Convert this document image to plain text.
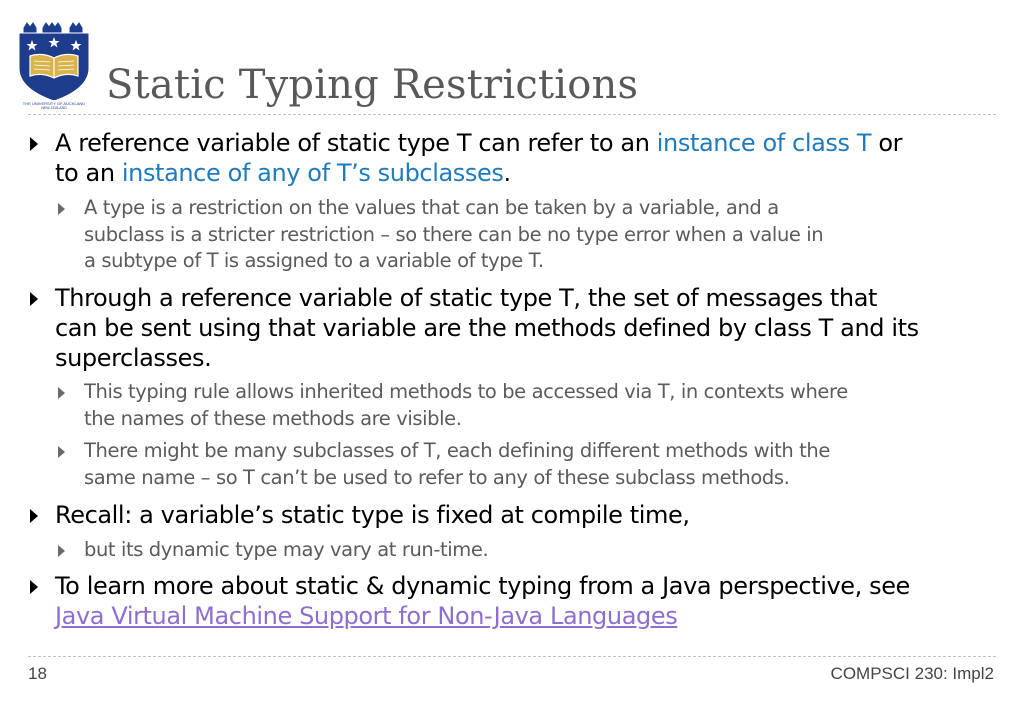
THE UNIVERSITY OF AUCKLAND
NEW ZEALAND Static Typing Restrictions
A reference variable of static type T can refer to an instance of class T or
to an instance of any of T’s subclasses.
A type is a restriction on the values that can be taken by a variable, and a
subclass is a stricter restriction – so there can be no type error when a value in
a subtype of T is assigned to a variable of type T.
Through a reference variable of static type T, the set of messages that
can be sent using that variable are the methods defined by class T and its
superclasses.
This typing rule allows inherited methods to be accessed via T, in contexts where
the names of these methods are visible.
There might be many subclasses of T, each defining different methods with the
same name – so T can’t be used to refer to any of these subclass methods.
Recall: a variable’s static type is fixed at compile time,
but its dynamic type may vary at run-time.
To learn more about static & dynamic typing from a Java perspective, see
Java Virtual Machine Support for Non-Java Languages
18	COMPSCI 230: Impl2
